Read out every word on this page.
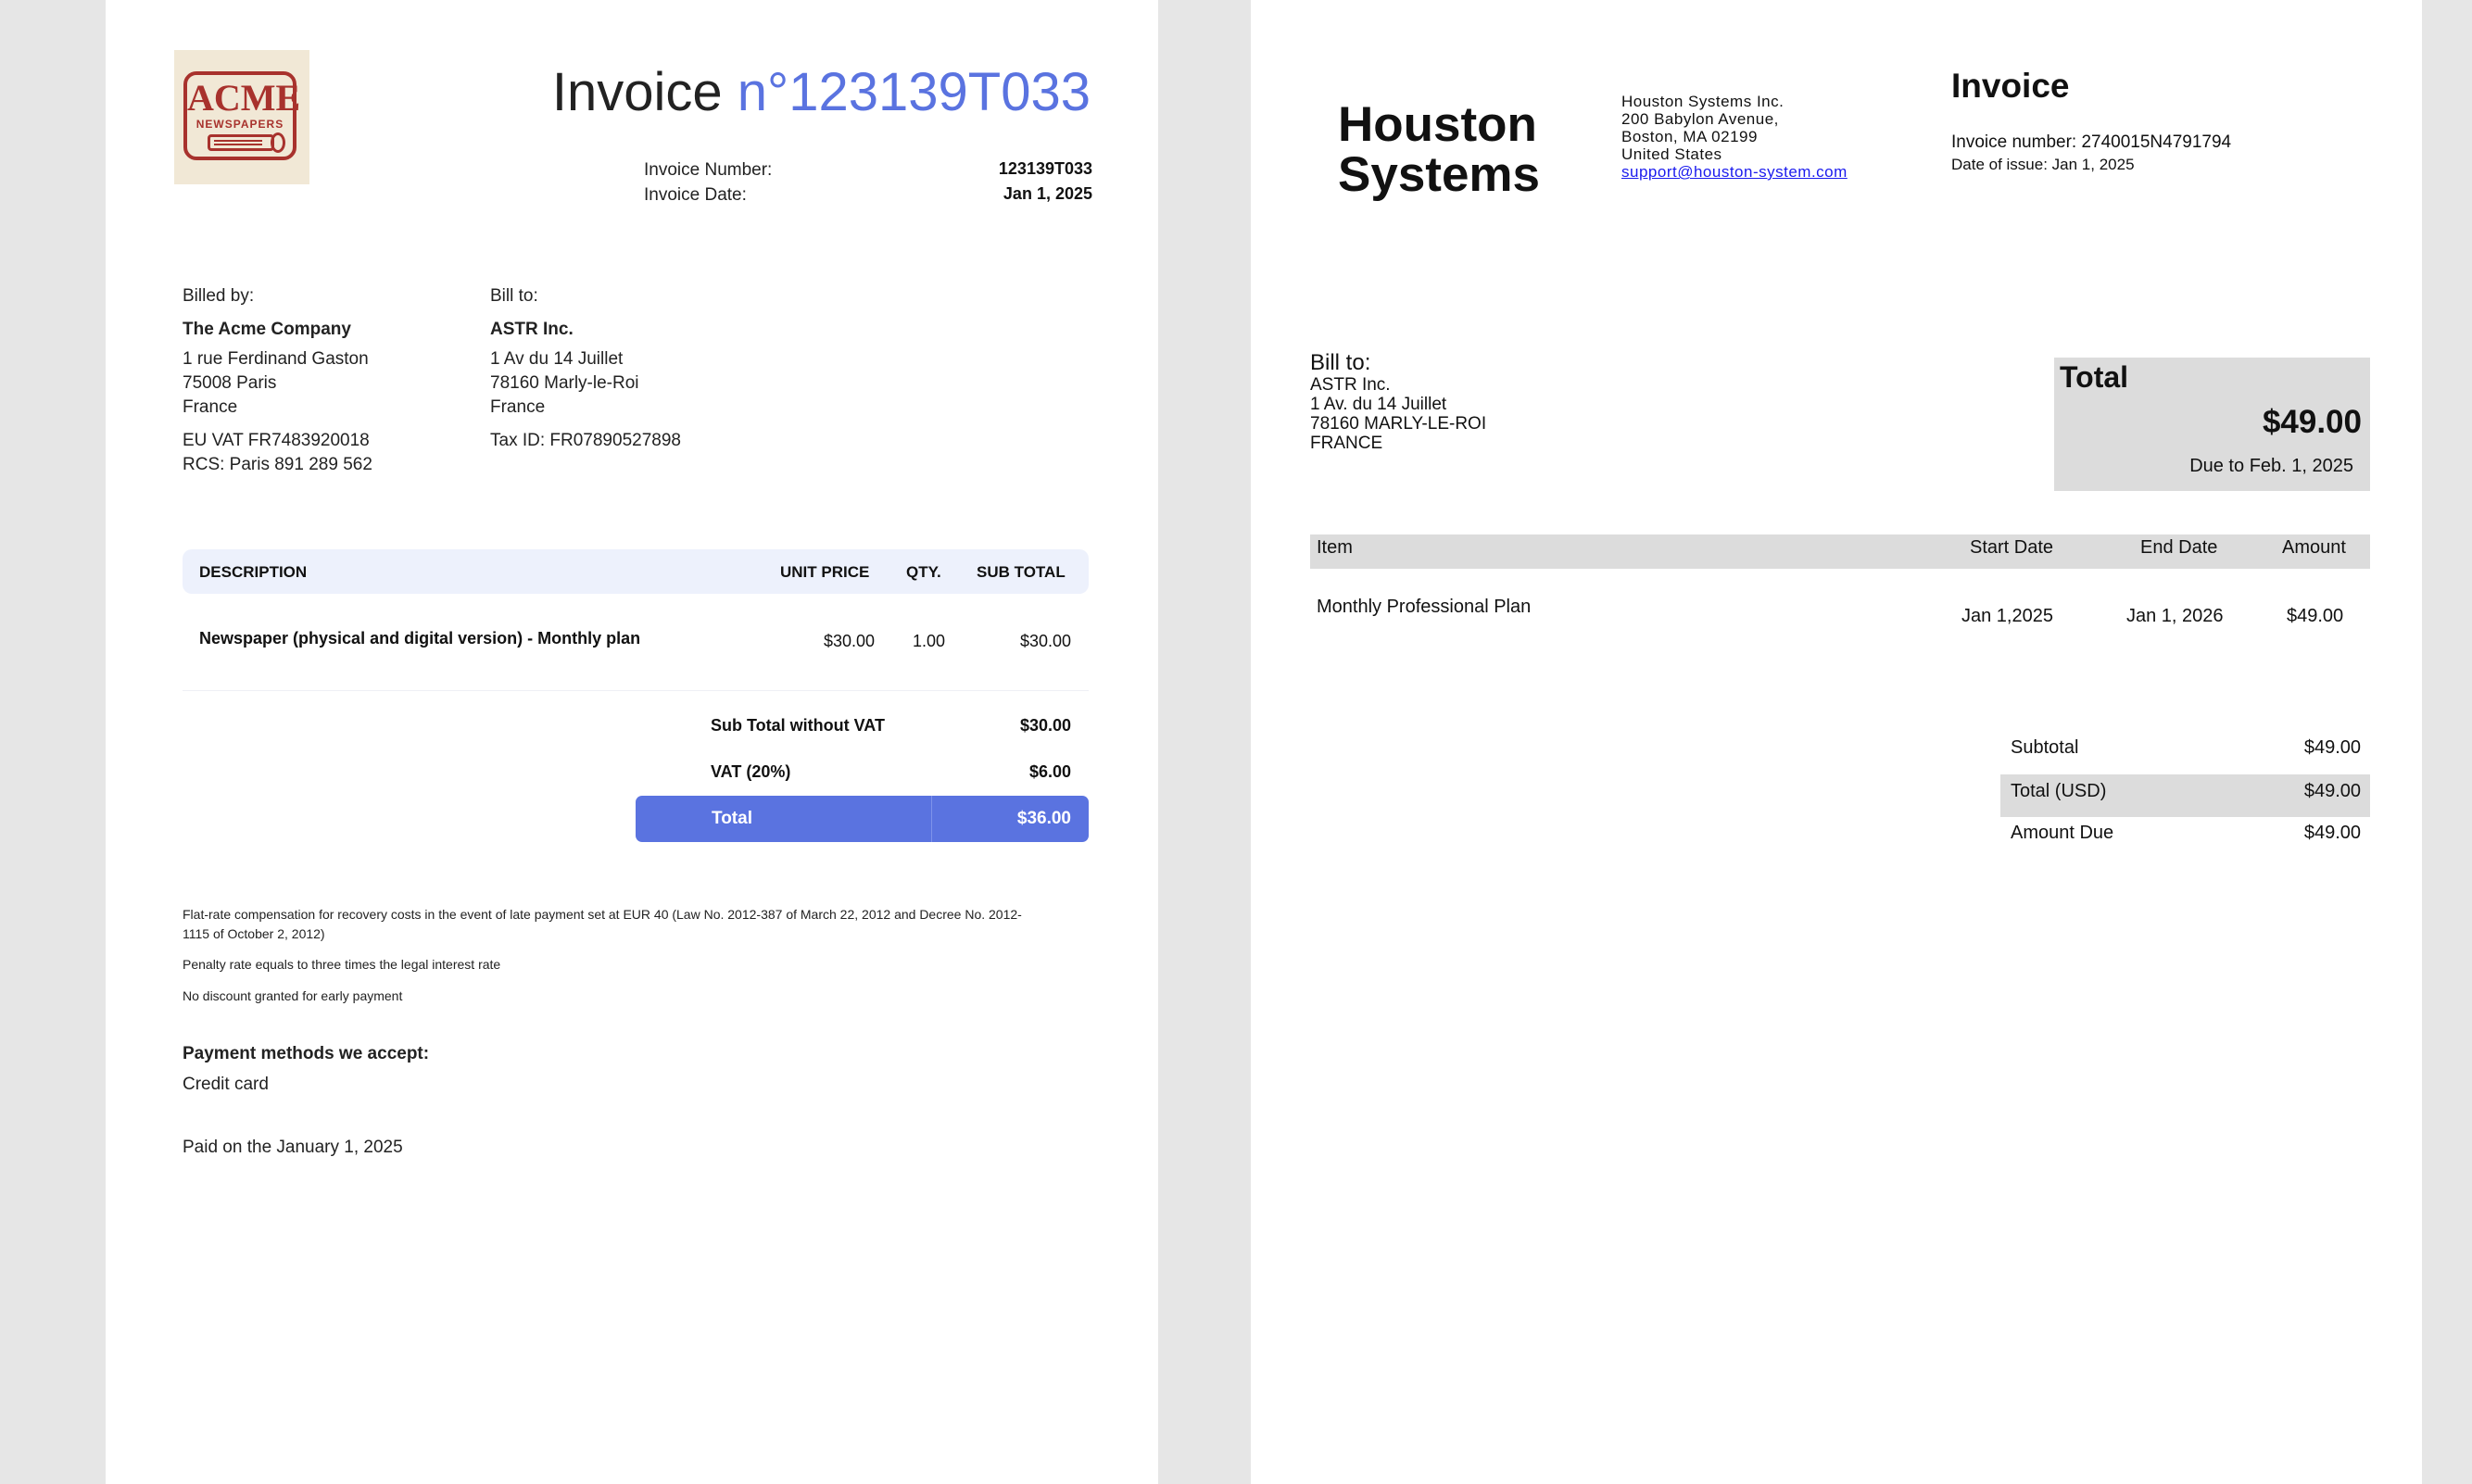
ACME
NEWSPAPERS
Invoice n°123139T033
Invoice Number:	123139T033
Invoice Date:	Jan 1, 2025
Billed by:
The Acme Company
1 rue Ferdinand Gaston
75008 Paris
France
EU VAT FR7483920018
RCS: Paris 891 289 562
Bill to:
ASTR Inc.
1 Av du 14 Juillet
78160 Marly-le-Roi
France
Tax ID: FR07890527898
DESCRIPTION	UNIT PRICE QTY. SUB TOTAL
Newspaper (physical and digital version) - Monthly plan	$30.00 1.00	$30.00
Sub Total without VAT	$30.00
VAT (20%)	$6.00
Total	$36.00
Flat-rate compensation for recovery costs in the event of late payment set at EUR 40 (Law No. 2012-387 of March 22, 2012 and Decree No. 2012-
1115 of October 2, 2012)
Penalty rate equals to three times the legal interest rate
No discount granted for early payment
Payment methods we accept:
Credit card
Paid on the January 1, 2025
Houston
Systems
Houston Systems Inc.
200 Babylon Avenue,
Boston, MA 02199
United States
support@houston-system.com
Invoice
Invoice number: 2740015N4791794
Date of issue: Jan 1, 2025
Bill to:
ASTR Inc.
1 Av. du 14 Juillet
78160 MARLY-LE-ROI
FRANCE
Total
$49.00
Due to Feb. 1, 2025
Item	Start Date	End Date	Amount
Monthly Professional Plan	Jan 1,2025	Jan 1, 2026	$49.00
Subtotal	$49.00
Total (USD)	$49.00
Amount Due	$49.00
